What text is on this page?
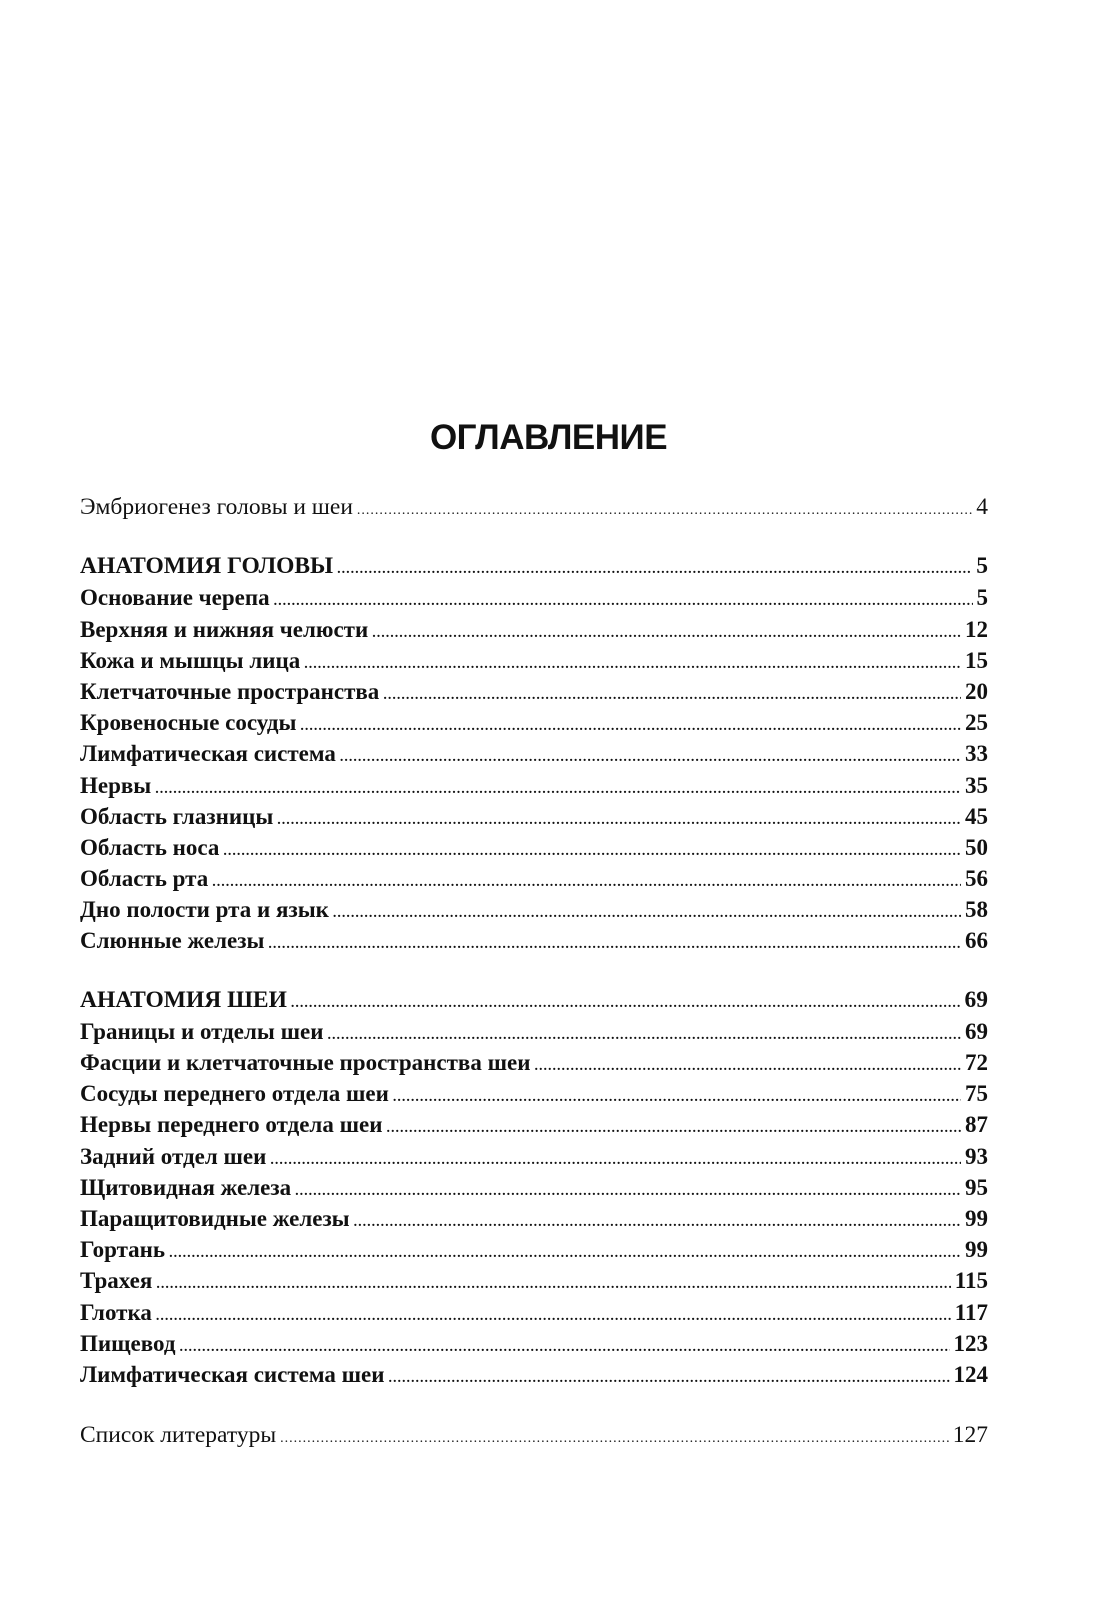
ОГЛАВЛЕНИЕ
Эмбриогенез головы и шеи .....	4
АНАТОМИЯ ГОЛОВЫ .....	5
Основание черепа .....	5
Верхняя и нижняя челюсти .....	12
Кожа и мышцы лица .....	15
Клетчаточные пространства .....	20
Кровеносные сосуды .....	25
Лимфатическая система .....	33
Нервы .....	35
Область глазницы .....	45
Область носа .....	50
Область рта .....	56
Дно полости рта и язык .....	58
Слюнные железы .....	66
АНАТОМИЯ ШЕИ .....	69
Границы и отделы шеи .....	69
Фасции и клетчаточные пространства шеи .....	72
Сосуды переднего отдела шеи .....	75
Нервы переднего отдела шеи .....	87
Задний отдел шеи .....	93
Щитовидная железа .....	95
Паращитовидные железы .....	99
Гортань .....	99
Трахея .....	115
Глотка .....	117
Пищевод .....	123
Лимфатическая система шеи .....	124
Список литературы .....	127
